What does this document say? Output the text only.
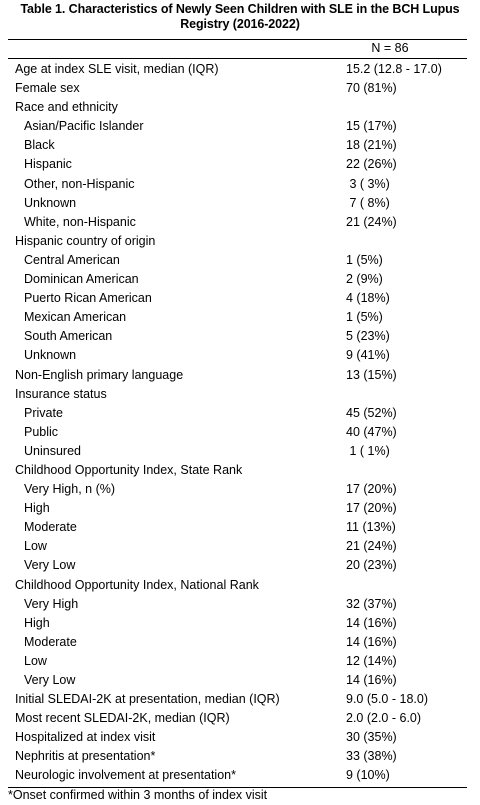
Table 1. Characteristics of Newly Seen Children with SLE in the BCH Lupus
Registry (2016-2022)
N = 86
Age at index SLE visit, median (IQR)	15.2 (12.8 - 17.0)
Female sex	70 (81%)
Race and ethnicity
Asian/Pacific Islander	15 (17%)
Black	18 (21%)
Hispanic	22 (26%)
Other, non-Hispanic	3 ( 3%)
Unknown	7 ( 8%)
White, non-Hispanic	21 (24%)
Hispanic country of origin
Central American	1 (5%)
Dominican American	2 (9%)
Puerto Rican American	4 (18%)
Mexican American	1 (5%)
South American	5 (23%)
Unknown	9 (41%)
Non-English primary language	13 (15%)
Insurance status
Private	45 (52%)
Public	40 (47%)
Uninsured	1 ( 1%)
Childhood Opportunity Index, State Rank
Very High, n (%)	17 (20%)
High	17 (20%)
Moderate	11 (13%)
Low	21 (24%)
Very Low	20 (23%)
Childhood Opportunity Index, National Rank
Very High	32 (37%)
High	14 (16%)
Moderate	14 (16%)
Low	12 (14%)
Very Low	14 (16%)
Initial SLEDAI-2K at presentation, median (IQR)	9.0 (5.0 - 18.0)
Most recent SLEDAI-2K, median (IQR)	2.0 (2.0 - 6.0)
Hospitalized at index visit	30 (35%)
Nephritis at presentation*	33 (38%)
Neurologic involvement at presentation*	9 (10%)
*Onset confirmed within 3 months of index visit
